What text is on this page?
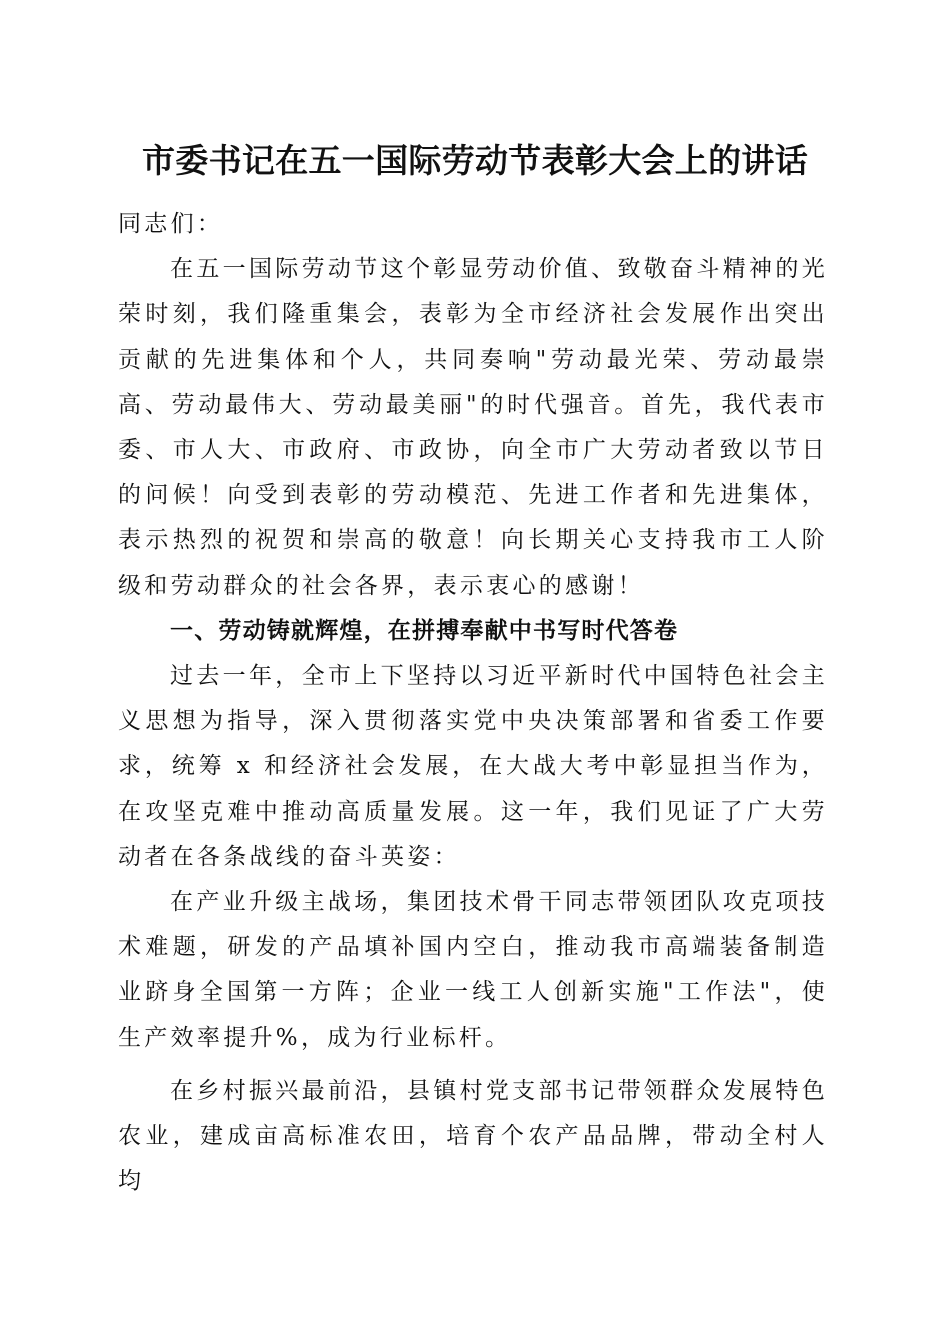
市委书记在五一国际劳动节表彰大会上的讲话

同志们：

在五一国际劳动节这个彰显劳动价值、致敬奋斗精神的光荣时刻，我们隆重集会，表彰为全市经济社会发展作出突出贡献的先进集体和个人，共同奏响"劳动最光荣、劳动最崇高、劳动最伟大、劳动最美丽"的时代强音。首先，我代表市委、市人大、市政府、市政协，向全市广大劳动者致以节日的问候！向受到表彰的劳动模范、先进工作者和先进集体，表示热烈的祝贺和崇高的敬意！向长期关心支持我市工人阶级和劳动群众的社会各界，表示衷心的感谢！

一、劳动铸就辉煌，在拼搏奉献中书写时代答卷

过去一年，全市上下坚持以习近平新时代中国特色社会主义思想为指导，深入贯彻落实党中央决策部署和省委工作要求，统筹 x 和经济社会发展，在大战大考中彰显担当作为，在攻坚克难中推动高质量发展。这一年，我们见证了广大劳动者在各条战线的奋斗英姿：

在产业升级主战场，集团技术骨干同志带领团队攻克项技术难题，研发的产品填补国内空白，推动我市高端装备制造业跻身全国第一方阵；企业一线工人创新实施"工作法"，使生产效率提升%，成为行业标杆。

在乡村振兴最前沿，县镇村党支部书记带领群众发展特色农业，建成亩高标准农田，培育个农产品品牌，带动全村人均
